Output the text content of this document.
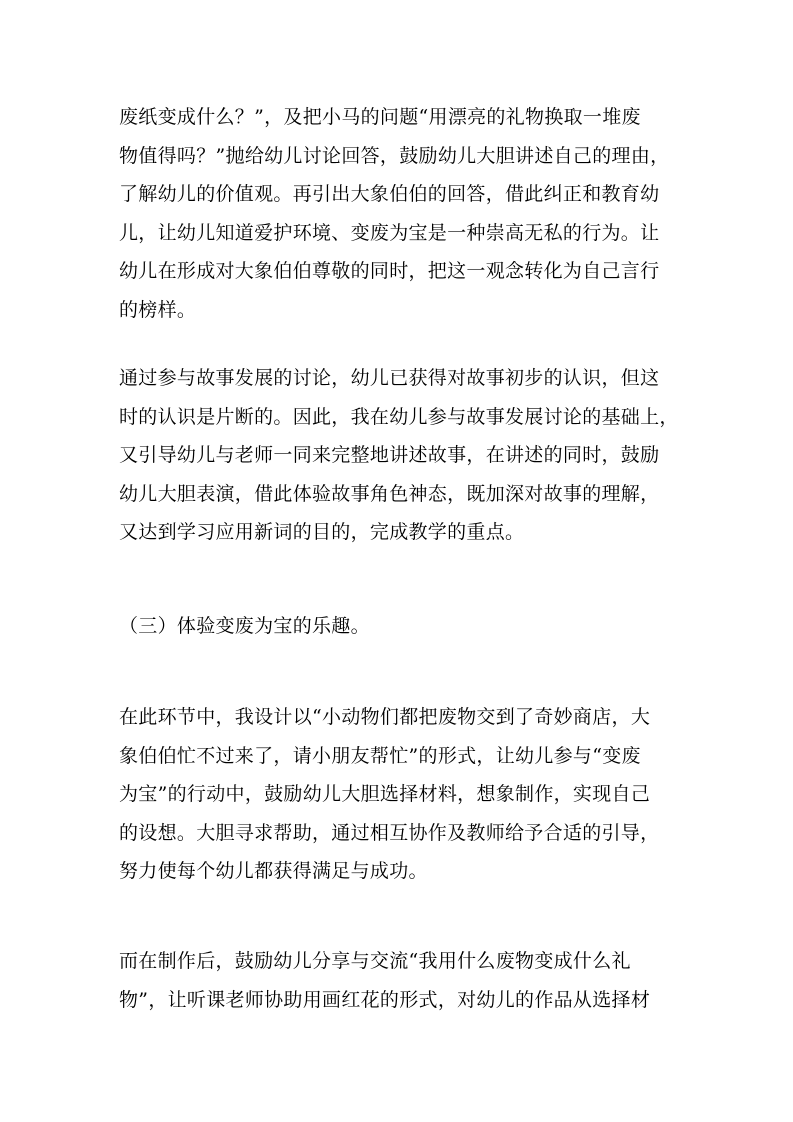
废纸变成什么？”，及把小马的问题“用漂亮的礼物换取一堆废
物值得吗？”抛给幼儿讨论回答，鼓励幼儿大胆讲述自己的理由，
了解幼儿的价值观。再引出大象伯伯的回答，借此纠正和教育幼
儿，让幼儿知道爱护环境、变废为宝是一种崇高无私的行为。让
幼儿在形成对大象伯伯尊敬的同时，把这一观念转化为自己言行
的榜样。

通过参与故事发展的讨论，幼儿已获得对故事初步的认识，但这
时的认识是片断的。因此，我在幼儿参与故事发展讨论的基础上，
又引导幼儿与老师一同来完整地讲述故事，在讲述的同时，鼓励
幼儿大胆表演，借此体验故事角色神态，既加深对故事的理解，
又达到学习应用新词的目的，完成教学的重点。

（三）体验变废为宝的乐趣。

在此环节中，我设计以“小动物们都把废物交到了奇妙商店，大
象伯伯忙不过来了，请小朋友帮忙”的形式，让幼儿参与“变废
为宝”的行动中，鼓励幼儿大胆选择材料，想象制作，实现自己
的设想。大胆寻求帮助，通过相互协作及教师给予合适的引导，
努力使每个幼儿都获得满足与成功。

而在制作后，鼓励幼儿分享与交流“我用什么废物变成什么礼
物”，让听课老师协助用画红花的形式，对幼儿的作品从选择材
